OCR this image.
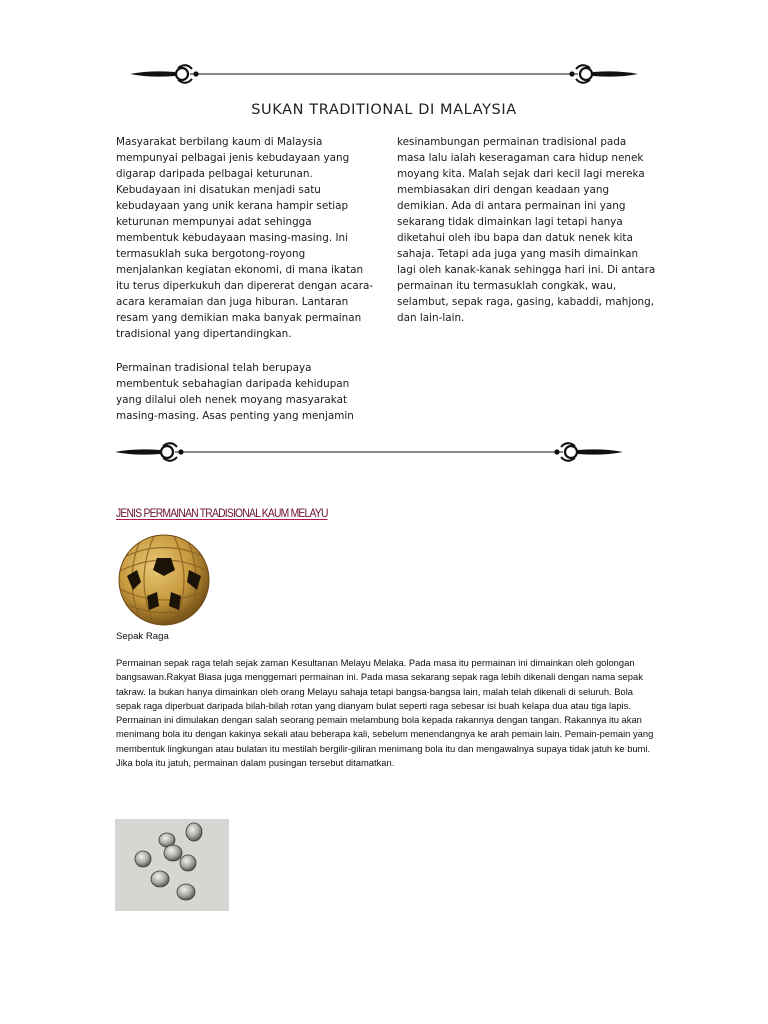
SUKAN TRADITIONAL DI MALAYSIA

Masyarakat berbilang kaum di Malaysia mempunyai pelbagai jenis kebudayaan yang digarap daripada pelbagai keturunan. Kebudayaan ini disatukan menjadi satu kebudayaan yang unik kerana hampir setiap keturunan mempunyai adat sehingga membentuk kebudayaan masing-masing. Ini termasuklah suka bergotong-royong menjalankan kegiatan ekonomi, di mana ikatan itu terus diperkukuh dan dipererat dengan acara-acara keramaian dan juga hiburan. Lantaran resam yang demikian maka banyak permainan tradisional yang dipertandingkan.

Permainan tradisional telah berupaya membentuk sebahagian daripada kehidupan yang dilalui oleh nenek moyang masyarakat masing-masing. Asas penting yang menjamin

kesinambungan permainan tradisional pada masa lalu ialah keseragaman cara hidup nenek moyang kita. Malah sejak dari kecil lagi mereka membiasakan diri dengan keadaan yang demikian. Ada di antara permainan ini yang sekarang tidak dimainkan lagi tetapi hanya diketahui oleh ibu bapa dan datuk nenek kita sahaja. Tetapi ada juga yang masih dimainkan lagi oleh kanak-kanak sehingga hari ini. Di antara permainan itu termasuklah congkak, wau, selambut, sepak raga, gasing, kabaddi, mahjong, dan lain-lain.

JENIS PERMAINAN TRADISIONAL KAUM MELAYU
Sepak Raga

Permainan sepak raga telah sejak zaman Kesultanan Melayu Melaka. Pada masa itu permainan ini dimainkan oleh golongan bangsawan.Rakyat Biasa juga menggemari permainan ini. Pada masa sekarang sepak raga lebih dikenali dengan nama sepak takraw. Ia bukan hanya dimainkan oleh orang Melayu sahaja tetapi bangsa-bangsa lain, malah telah dikenali di seluruh. Bola sepak raga diperbuat daripada bilah-bilah rotan yang dianyam bulat seperti raga sebesar isi buah kelapa dua atau tiga lapis. Permainan ini dimulakan dengan salah seorang pemain melambung bola kepada rakannya dengan tangan. Rakannya itu akan menimang bola itu dengan kakinya sekali atau beberapa kali, sebelum menendangnya ke arah pemain lain. Pemain-pemain yang membentuk lingkungan atau bulatan itu mestilah bergilir-giliran menimang bola itu dan mengawalnya supaya tidak jatuh ke bumi. Jika bola itu jatuh, permainan dalam pusingan tersebut ditamatkan.
